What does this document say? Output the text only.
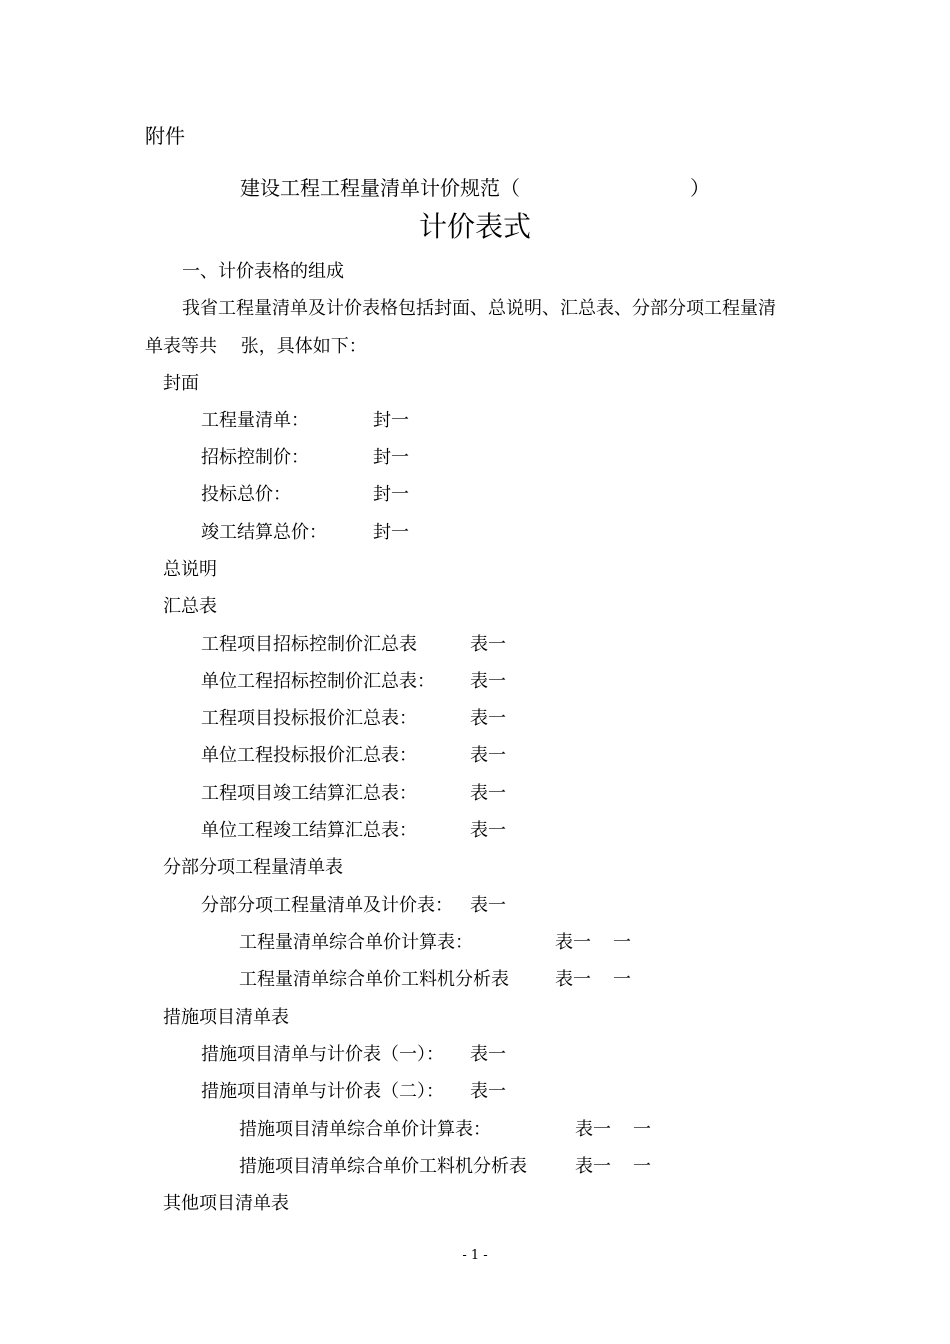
附件
建设工程工程量清单计价规范（	）
计价表式
一、计价表格的组成
我省工程量清单及计价表格包括封面、总说明、汇总表、分部分项工程量清
单表等共　 张，具体如下：
封面
工程量清单：	封一
招标控制价：	封一
投标总价：	封一
竣工结算总价：	封一
总说明
汇总表
工程项目招标控制价汇总表	表一
单位工程招标控制价汇总表： 表一
工程项目投标报价汇总表：	表一
单位工程投标报价汇总表：	表一
工程项目竣工结算汇总表：	表一
单位工程竣工结算汇总表：	表一
分部分项工程量清单表
分部分项工程量清单及计价表： 表一
工程量清单综合单价计算表：	表一 一
工程量清单综合单价工料机分析表	表一 一
措施项目清单表
措施项目清单与计价表（一）： 表一
措施项目清单与计价表（二）： 表一
措施项目清单综合单价计算表：	表一 一
措施项目清单综合单价工料机分析表	表一 一
其他项目清单表
- 1 -
